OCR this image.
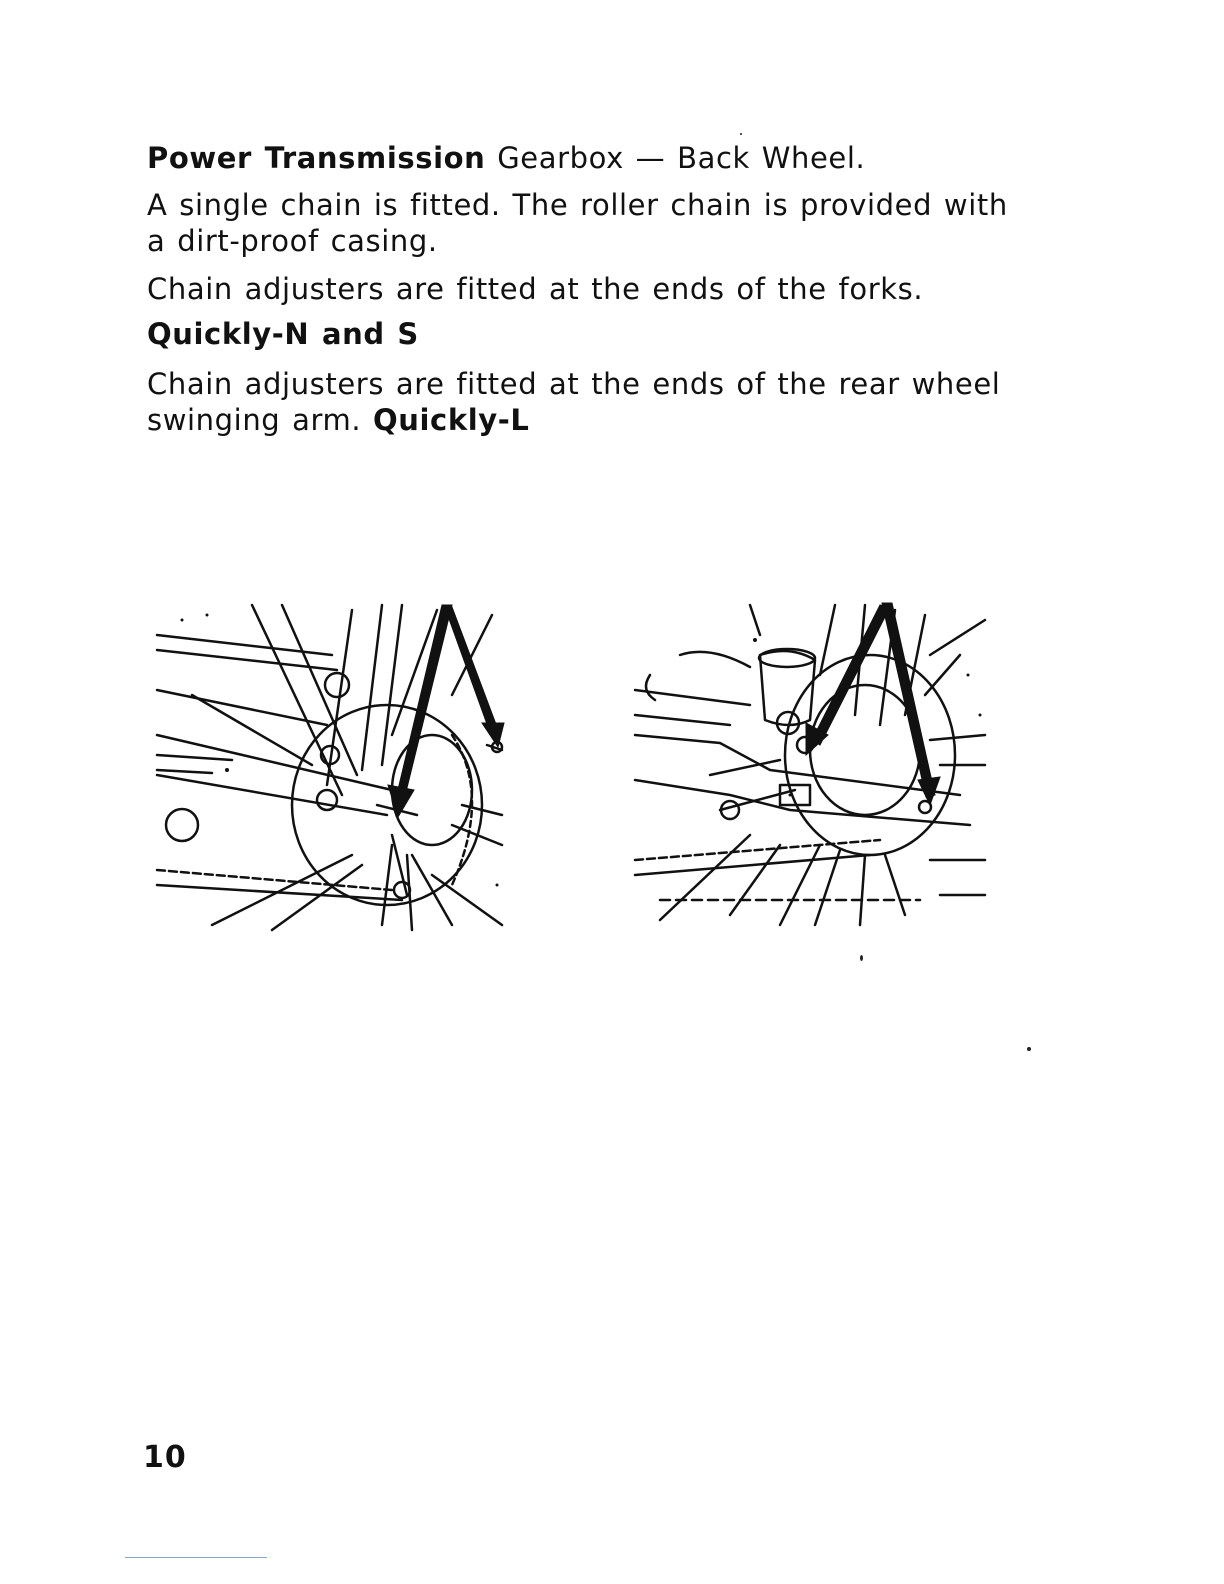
Power Transmission Gearbox — Back Wheel.

A single chain is fitted. The roller chain is provided with a dirt-proof casing.

Chain adjusters are fitted at the ends of the forks.

Quickly-N and S

Chain adjusters are fitted at the ends of the rear wheel swinging arm. Quickly-L

10
